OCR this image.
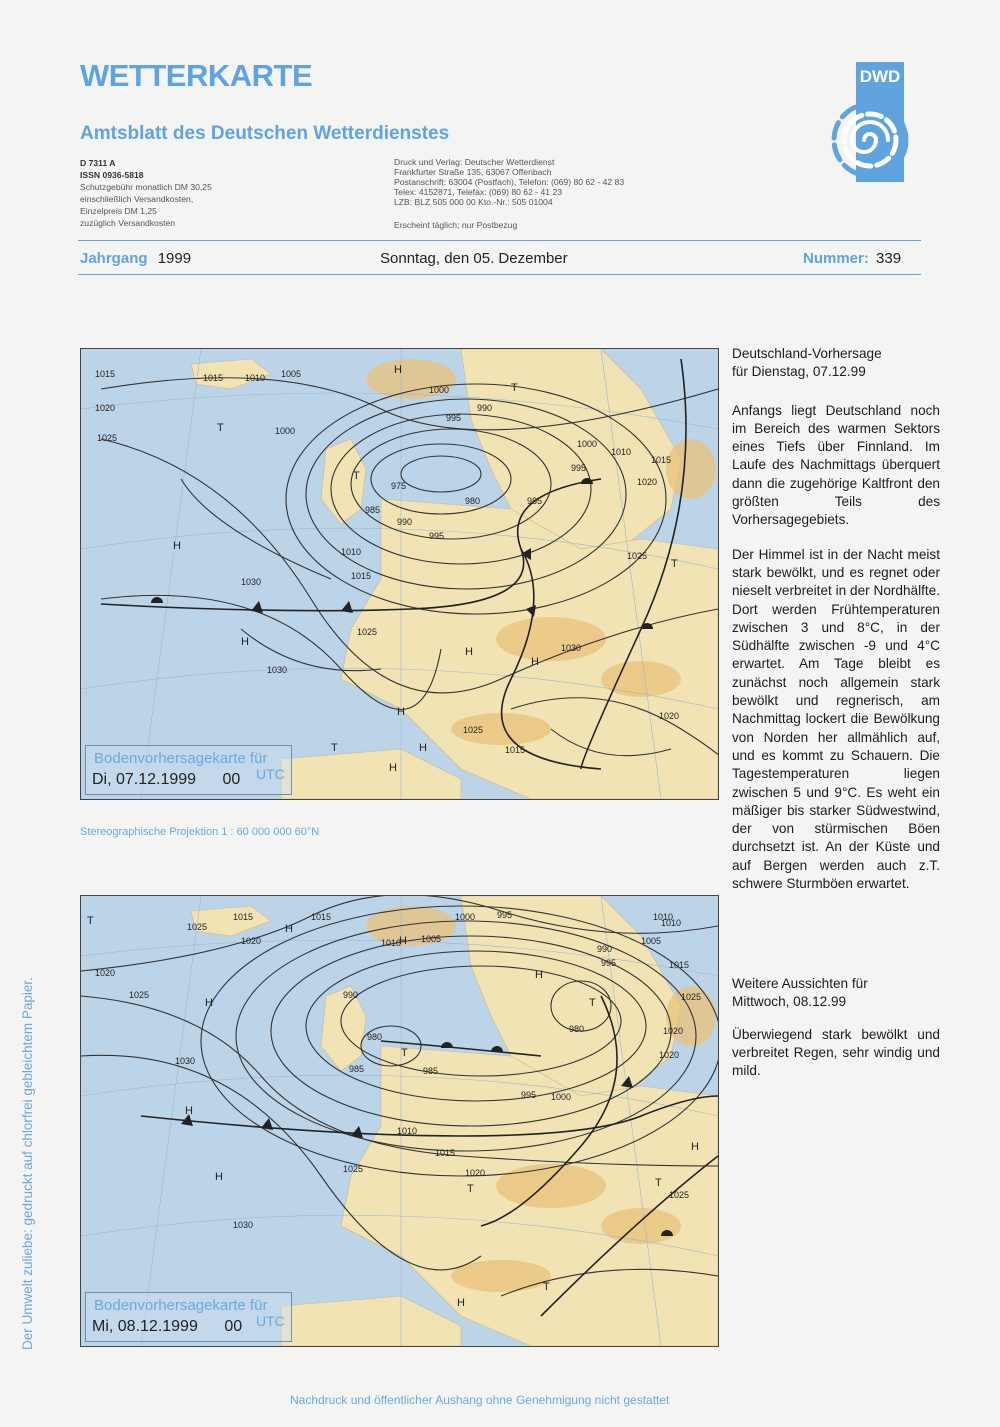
WETTERKARTE
Amtsblatt des Deutschen Wetterdienstes
D 7311 A
ISSN 0936-5818
Schutzgebühr monatlich DM 30,25
einschließlich Versandkosten,
Einzelpreis DM 1,25
zuzüglich Versandkosten
Druck und Verlag: Deutscher Wetterdienst
Frankfurter Straße 135, 63067 Offenbach
Postanschrift: 63004 (Postfach), Telefon: (069) 80 62 - 42 83
Telex: 4152871, Telefax: (069) 80 62 - 41 23
LZB: BLZ 505 000 00 Kto.-Nr.: 505 01004
Erscheint täglich; nur Postbezug
DWD
Jahrgang 1999	Sonntag, den 05. Dezember	Nummer: 339
1015	1015 1010 1005
1020
1025
1000
995
990
1000
975
980	985
985
990
995
1010
1015
1030
1025
1030
1025
1015
1020
1000
1010
1015
1020
995
1025
1030
H
T
T
T
H
H
H
H
T
T
H
H
H
Bodenvorhersagekarte für
Di, 07.12.1999 00 UTC
Stereographische Projektion 1 : 60 000 000 60°N
1015	1015
1025
1020	1010 1005
1000 995	1010
1020
1025
990
1005
995	1015
1030
980
985
990
985
995 1000
1010
1015
1020
1025
1030
1010
1020
1025
1020
980
1025
T
H
H
H
H
H
T
T
T
H
T
T
H
H
Bodenvorhersagekarte für
Mi, 08.12.1999 00 UTC

Deutschland-Vorhersage

für Dienstag, 07.12.99

Anfangs liegt Deutschland noch im Bereich des warmen Sektors eines Tiefs über Finnland. Im Laufe des Nachmittags überquert dann die zugehörige Kaltfront den größten Teils des Vorhersagegebiets.

Der Himmel ist in der Nacht meist stark bewölkt, und es regnet oder nieselt verbreitet in der Nordhälfte. Dort werden Frühtemperaturen zwischen 3 und 8°C, in der Südhälfte zwischen -9 und 4°C erwartet. Am Tage bleibt es zunächst noch allgemein stark bewölkt und regnerisch, am Nachmittag lockert die Bewölkung von Norden her allmählich auf, und es kommt zu Schauern. Die Tagestemperaturen liegen zwischen 5 und 9°C. Es weht ein mäßiger bis starker Südwestwind, der von stürmischen Böen durchsetzt ist. An der Küste und auf Bergen werden auch z.T. schwere Sturmböen erwartet.

Weitere Aussichten für

Mittwoch, 08.12.99

Überwiegend stark bewölkt und verbreitet Regen, sehr windig und mild.

Der Umwelt zuliebe: gedruckt auf chlorfrei gebleichtem Papier.
Nachdruck und öffentlicher Aushang ohne Genehmigung nicht gestattet
